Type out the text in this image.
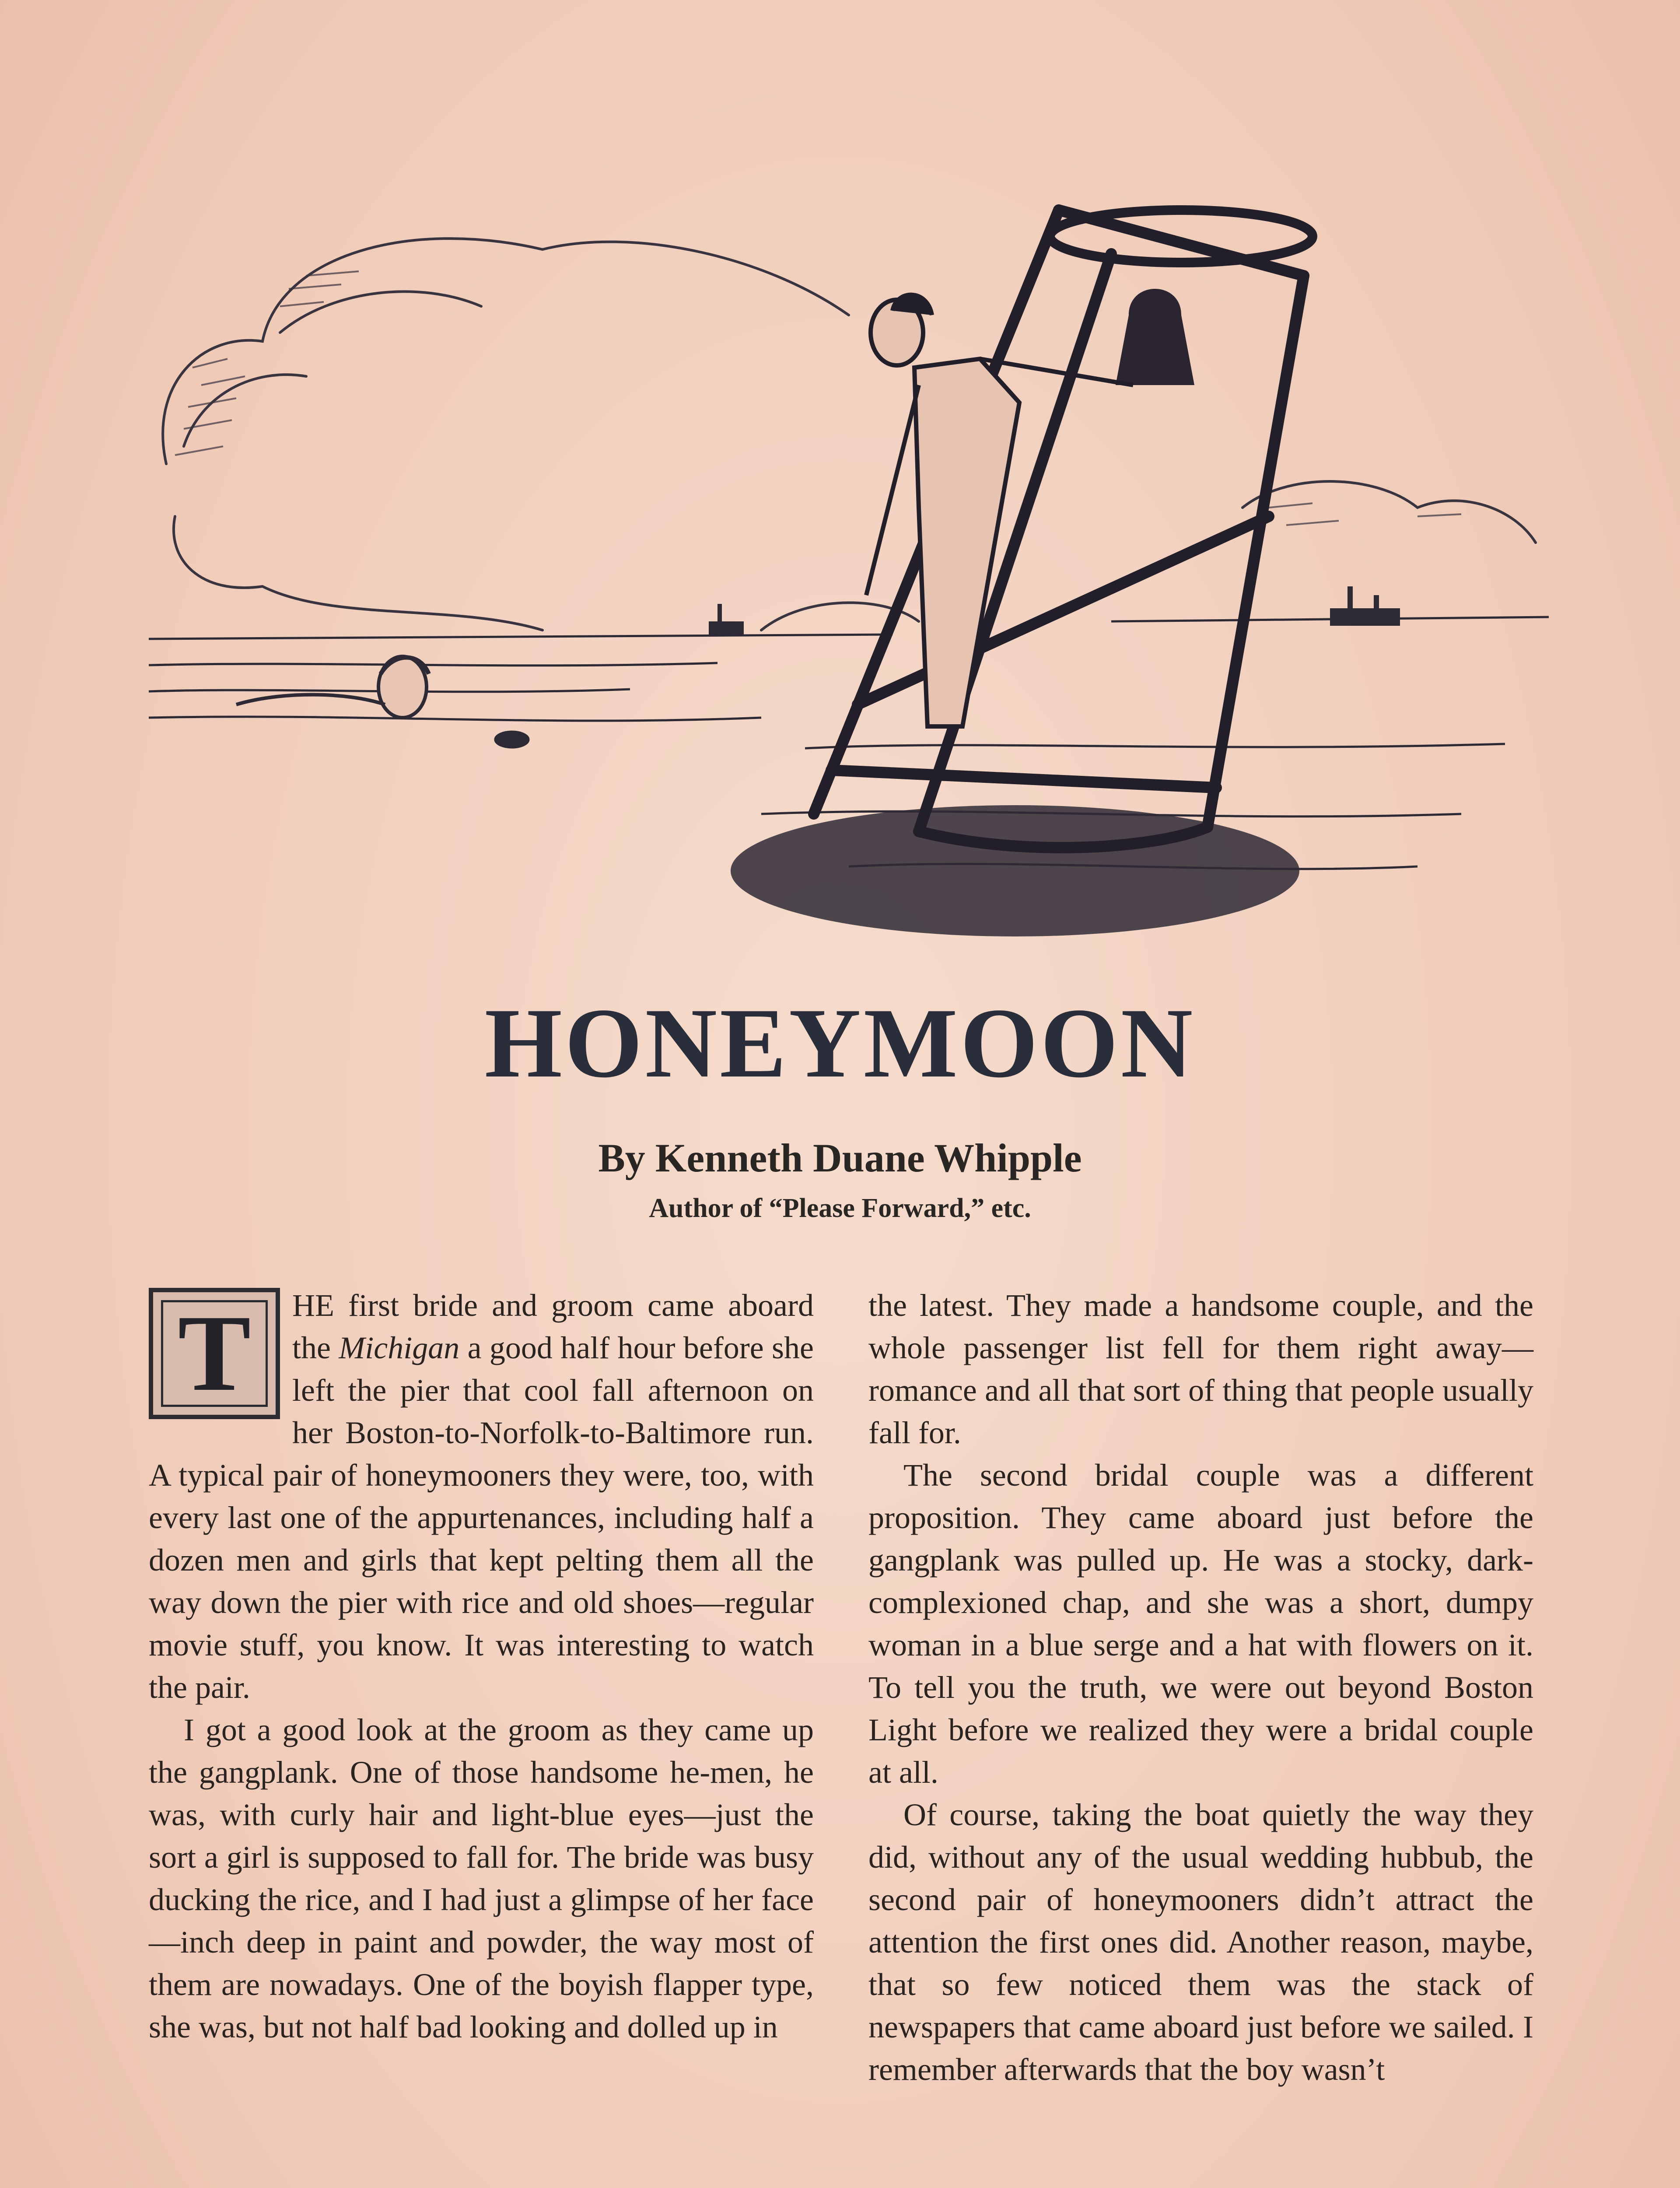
HONEYMOON
By Kenneth Duane Whipple
Author of “Please Forward,” etc.

T	HE first bride and groom came aboard the Michigan a good half hour before she left the pier that cool fall afternoon on her Boston-to-Norfolk-to-Baltimore run. A typical pair of honeymooners they were, too, with every last one of the appurtenances, including half a dozen men and girls that kept pelting them all the way down the pier with rice and old shoes—regular movie stuff, you know. It was interesting to watch the pair.

I got a good look at the groom as they came up the gangplank. One of those handsome he-men, he was, with curly hair and light-blue eyes—just the sort a girl is supposed to fall for. The bride was busy ducking the rice, and I had just a glimpse of her face—inch deep in paint and powder, the way most of them are nowadays. One of the boyish flapper type, she was, but not half bad looking and dolled up in

the latest. They made a handsome couple, and the whole passenger list fell for them right away—romance and all that sort of thing that people usually fall for.

The second bridal couple was a different proposition. They came aboard just before the gangplank was pulled up. He was a stocky, dark-complexioned chap, and she was a short, dumpy woman in a blue serge and a hat with flowers on it. To tell you the truth, we were out beyond Boston Light before we realized they were a bridal couple at all.

Of course, taking the boat quietly the way they did, without any of the usual wedding hubbub, the second pair of honeymooners didn’t attract the attention the first ones did. Another reason, maybe, that so few noticed them was the stack of newspapers that came aboard just before we sailed. I remember afterwards that the boy wasn’t
